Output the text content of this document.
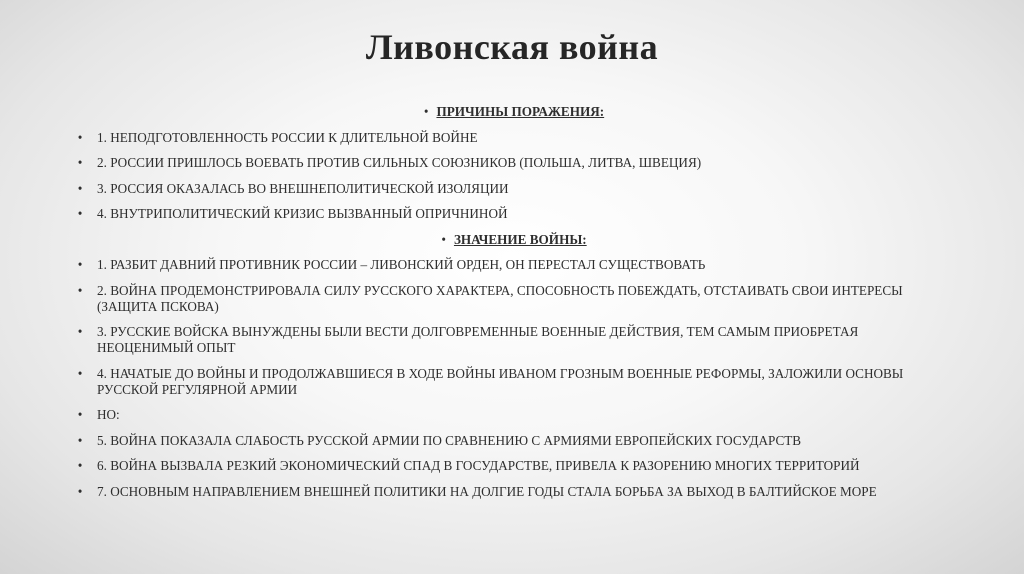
Ливонская война
• ПРИЧИНЫ ПОРАЖЕНИЯ:
• 1. НЕПОДГОТОВЛЕННОСТЬ РОССИИ К ДЛИТЕЛЬНОЙ ВОЙНЕ
• 2. РОССИИ ПРИШЛОСЬ ВОЕВАТЬ ПРОТИВ СИЛЬНЫХ СОЮЗНИКОВ (ПОЛЬША, ЛИТВА, ШВЕЦИЯ)
• 3. РОССИЯ ОКАЗАЛАСЬ ВО ВНЕШНЕПОЛИТИЧЕСКОЙ ИЗОЛЯЦИИ
• 4. ВНУТРИПОЛИТИЧЕСКИЙ КРИЗИС ВЫЗВАННЫЙ ОПРИЧНИНОЙ
• ЗНАЧЕНИЕ ВОЙНЫ:
• 1. РАЗБИТ ДАВНИЙ ПРОТИВНИК РОССИИ – ЛИВОНСКИЙ ОРДЕН, ОН ПЕРЕСТАЛ СУЩЕСТВОВАТЬ
• 2. ВОЙНА ПРОДЕМОНСТРИРОВАЛА СИЛУ РУССКОГО ХАРАКТЕРА, СПОСОБНОСТЬ ПОБЕЖДАТЬ, ОТСТАИВАТЬ СВОИ ИНТЕРЕСЫ (ЗАЩИТА ПСКОВА)
• 3. РУССКИЕ ВОЙСКА ВЫНУЖДЕНЫ БЫЛИ ВЕСТИ ДОЛГОВРЕМЕННЫЕ ВОЕННЫЕ ДЕЙСТВИЯ, ТЕМ САМЫМ ПРИОБРЕТАЯ НЕОЦЕНИМЫЙ ОПЫТ
• 4. НАЧАТЫЕ ДО ВОЙНЫ И ПРОДОЛЖАВШИЕСЯ В ХОДЕ ВОЙНЫ ИВАНОМ ГРОЗНЫМ ВОЕННЫЕ РЕФОРМЫ, ЗАЛОЖИЛИ ОСНОВЫ РУССКОЙ РЕГУЛЯРНОЙ АРМИИ
• НО:
• 5. ВОЙНА ПОКАЗАЛА СЛАБОСТЬ РУССКОЙ АРМИИ ПО СРАВНЕНИЮ С АРМИЯМИ ЕВРОПЕЙСКИХ ГОСУДАРСТВ
• 6. ВОЙНА ВЫЗВАЛА РЕЗКИЙ ЭКОНОМИЧЕСКИЙ СПАД В ГОСУДАРСТВЕ, ПРИВЕЛА К РАЗОРЕНИЮ МНОГИХ ТЕРРИТОРИЙ
• 7. ОСНОВНЫМ НАПРАВЛЕНИЕМ ВНЕШНЕЙ ПОЛИТИКИ НА ДОЛГИЕ ГОДЫ СТАЛА БОРЬБА ЗА ВЫХОД В БАЛТИЙСКОЕ МОРЕ
